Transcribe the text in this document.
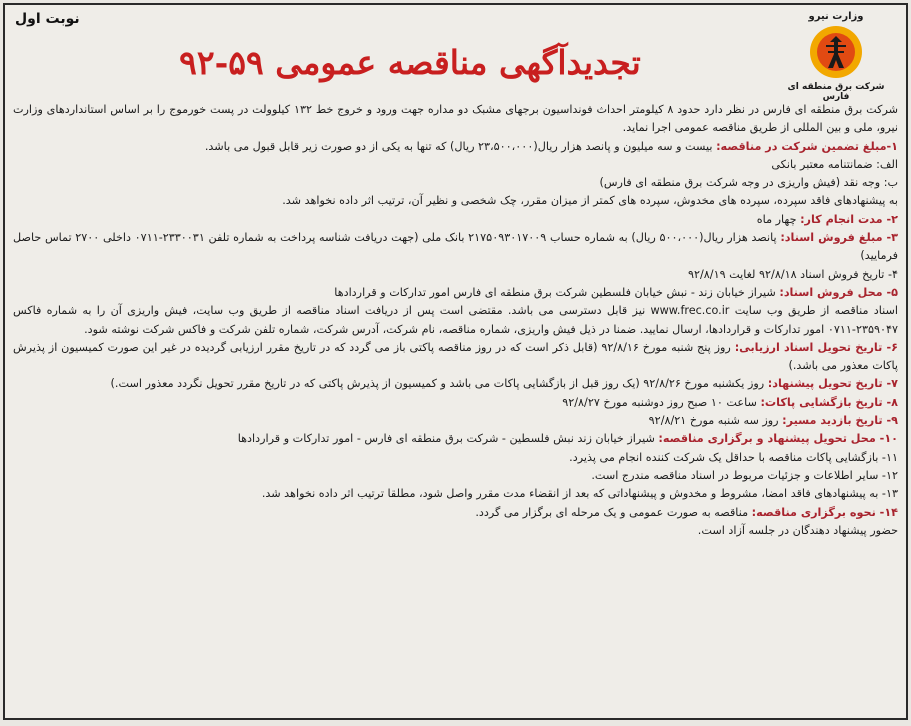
نوبت اول	وزارت نیرو
شرکت برق منطقه ای فارس
تجدیدآگهی مناقصه عمومی ۵۹-۹۲

شرکت برق منطقه ای فارس در نظر دارد حدود ۸ کیلومتر احداث فونداسیون برجهای مشبک دو مداره جهت ورود و خروج خط ۱۳۲ کیلوولت در پست خورموج را بر اساس استانداردهای وزارت نیرو، ملی و بین المللی از طریق مناقصه عمومی اجرا نماید.

۱-مبلغ تضمین شرکت در مناقصه: بیست و سه میلیون و پانصد هزار ریال(۲۳،۵۰۰،۰۰۰ ریال) که تنها به یکی از دو صورت زیر قابل قبول می باشد.

الف: ضمانتنامه معتبر بانکی

ب: وجه نقد (فیش واریزی در وجه شرکت برق منطقه ای فارس)

به پیشنهادهای فاقد سپرده، سپرده های مخدوش، سپرده های کمتر از میزان مقرر، چک شخصی و نظیر آن، ترتیب اثر داده نخواهد شد.

۲- مدت انجام کار: چهار ماه

۳- مبلغ فروش اسناد: پانصد هزار ریال(۵۰۰،۰۰۰ ریال) به شماره حساب ۲۱۷۵۰۹۳۰۱۷۰۰۹ بانک ملی (جهت دریافت شناسه پرداخت به شماره تلفن ۲۳۳۰۰۳۱-۰۷۱۱ داخلی ۲۷۰۰ تماس حاصل فرمایید)

۴- تاریخ فروش اسناد ۹۲/۸/۱۸ لغایت ۹۲/۸/۱۹

۵- محل فروش اسناد: شیراز خیابان زند - نبش خیابان فلسطین شرکت برق منطقه ای فارس امور تدارکات و قراردادها

اسناد مناقصه از طریق وب سایت www.frec.co.ir نیز قابل دسترسی می باشد. مقتضی است پس از دریافت اسناد مناقصه از طریق وب سایت، فیش واریزی آن را به شماره فاکس ۲۳۵۹۰۴۷-۰۷۱۱ امور تدارکات و قراردادها، ارسال نمایید. ضمنا در ذیل فیش واریزی، شماره مناقصه، نام شرکت، آدرس شرکت، شماره تلفن شرکت و فاکس شرکت نوشته شود.

۶- تاریخ تحویل اسناد ارزیابی: روز پنج شنبه مورخ ۹۲/۸/۱۶ (قابل ذکر است که در روز مناقصه پاکتی باز می گردد که در تاریخ مقرر ارزیابی گردیده در غیر این صورت کمیسیون از پذیرش پاکات معذور می باشد.)

۷- تاریخ تحویل پیشنهاد: روز یکشنبه مورخ ۹۲/۸/۲۶ (یک روز قبل از بازگشایی پاکات می باشد و کمیسیون از پذیرش پاکتی که در تاریخ مقرر تحویل نگردد معذور است.)

۸- تاریخ بازگشایی پاکات: ساعت ۱۰ صبح روز دوشنبه مورخ ۹۲/۸/۲۷

۹- تاریخ بازدید مسیر: روز سه شنبه مورخ ۹۲/۸/۲۱

۱۰- محل تحویل پیشنهاد و برگزاری مناقصه: شیراز خیابان زند نبش فلسطین - شرکت برق منطقه ای فارس - امور تدارکات و قراردادها

۱۱- بازگشایی پاکات مناقصه با حداقل یک شرکت کننده انجام می پذیرد.

۱۲- سایر اطلاعات و جزئیات مربوط در اسناد مناقصه مندرج است.

۱۳- به پیشنهادهای فاقد امضا، مشروط و مخدوش و پیشنهاداتی که بعد از انقضاء مدت مقرر واصل شود، مطلقا ترتیب اثر داده نخواهد شد.

۱۴- نحوه برگزاری مناقصه: مناقصه به صورت عمومی و یک مرحله ای برگزار می گردد.

حضور پیشنهاد دهندگان در جلسه آزاد است.
